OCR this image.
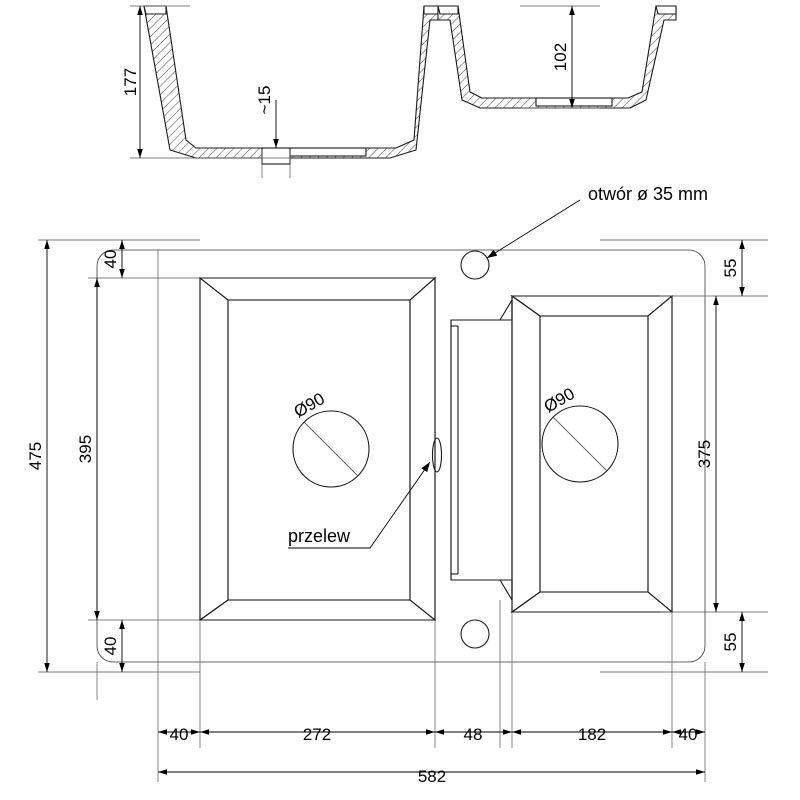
177
102
~15
Ø90	Ø90
otwór ø 35 mm
przelew
475 395
40
40
375
55
55
40	272	48	182	40
582
